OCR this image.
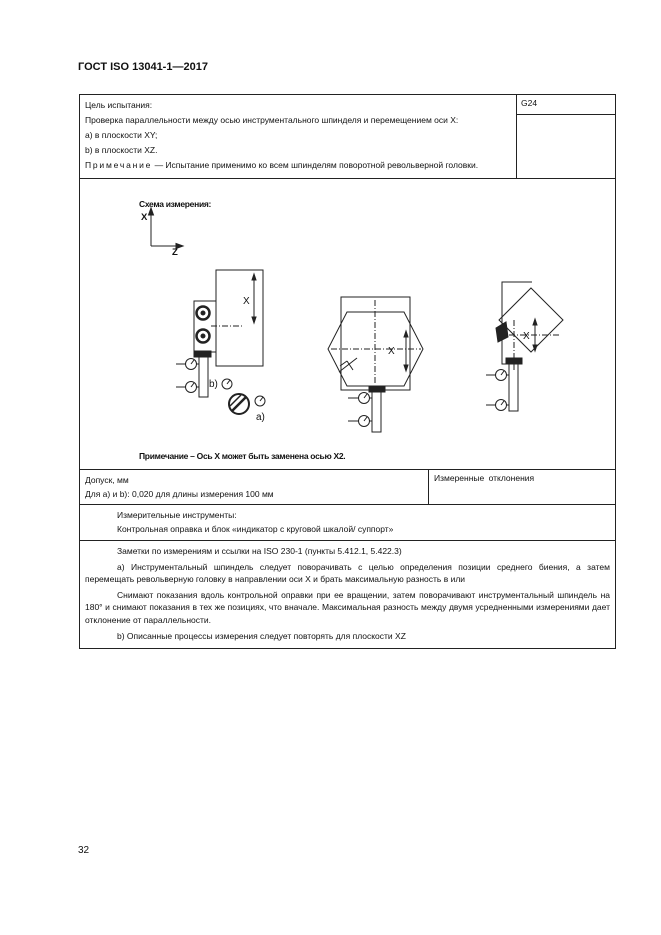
ГОСТ ISO 13041-1—2017

Цель испытания:

Проверка параллельности между осью инструментального шпинделя и перемещением оси X:

a) в плоскости XY;

b) в плоскости XZ.

Примечание — Испытание применимо ко всем шпинделям поворотной револьверной головки.

G24
X
Z
X
X
X
b)
a)
Схема измерения:
Примечание – Ось X может быть заменена осью X2.
Допуск, мм
Для a) и b): 0,020 для длины измерения 100 мм
Измеренные отклонения
Измерительные инструменты:
Контрольная оправка и блок «индикатор с круговой шкалой/ суппорт»

Заметки по измерениям и ссылки на ISO 230-1 (пункты 5.412.1, 5.422.3)

а) Инструментальный шпиндель следует поворачивать с целью определения позиции среднего биения, а затем перемещать револьверную головку в направлении оси X и брать максимальную разность в или

Снимают показания вдоль контрольной оправки при ее вращении, затем поворачивают инструментальный шпиндель на 180° и снимают показания в тех же позициях, что вначале. Максимальная разность между двумя усредненными измерениями дает отклонение от параллельности.

b) Описанные процессы измерения следует повторять для плоскости XZ

32
